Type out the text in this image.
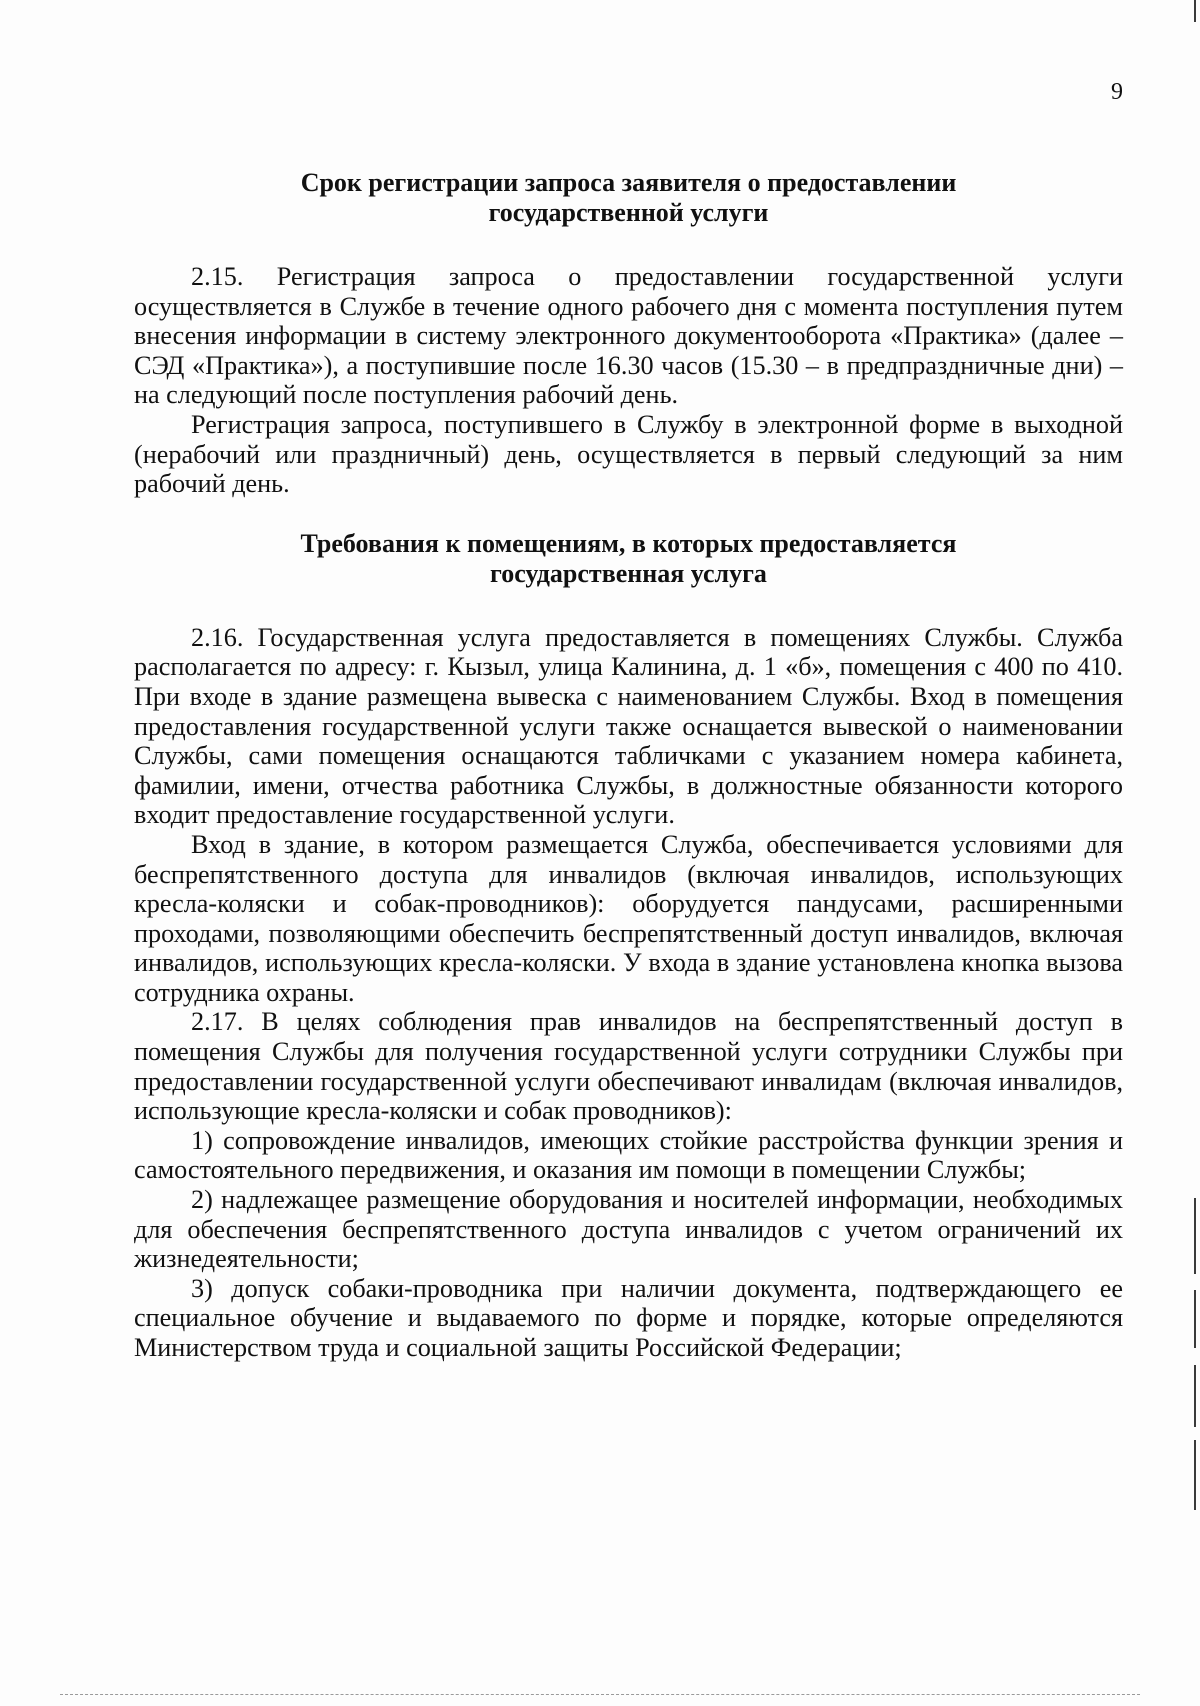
9
Срок регистрации запроса заявителя о предоставлении
государственной услуги

2.15. Регистрация запроса о предоставлении государственной услуги осуществляется в Службе в течение одного рабочего дня с момента поступления путем внесения информации в систему электронного документооборота «Практика» (далее – СЭД «Практика»), а поступившие после 16.30 часов (15.30 – в предпраздничные дни) – на следующий после поступления рабочий день.

Регистрация запроса, поступившего в Службу в электронной форме в выходной (нерабочий или праздничный) день, осуществляется в первый следующий за ним рабочий день.

Требования к помещениям, в которых предоставляется
государственная услуга

2.16. Государственная услуга предоставляется в помещениях Службы. Служба располагается по адресу: г. Кызыл, улица Калинина, д. 1 «б», помещения с 400 по 410. При входе в здание размещена вывеска с наименованием Службы. Вход в помещения предоставления государственной услуги также оснащается вывеской о наименовании Службы, сами помещения оснащаются табличками с указанием номера кабинета, фамилии, имени, отчества работника Службы, в должностные обязанности которого входит предоставление государственной услуги.

Вход в здание, в котором размещается Служба, обеспечивается условиями для беспрепятственного доступа для инвалидов (включая инвалидов, использующих кресла-коляски и собак-проводников): оборудуется пандусами, расширенными проходами, позволяющими обеспечить беспрепятственный доступ инвалидов, включая инвалидов, использующих кресла-коляски. У входа в здание установлена кнопка вызова сотрудника охраны.

2.17. В целях соблюдения прав инвалидов на беспрепятственный доступ в помещения Службы для получения государственной услуги сотрудники Службы при предоставлении государственной услуги обеспечивают инвалидам (включая инвалидов, использующие кресла-коляски и собак проводников):

1) сопровождение инвалидов, имеющих стойкие расстройства функции зрения и самостоятельного передвижения, и оказания им помощи в помещении Службы;

2) надлежащее размещение оборудования и носителей информации, необходимых для обеспечения беспрепятственного доступа инвалидов с учетом ограничений их жизнедеятельности;

3) допуск собаки-проводника при наличии документа, подтверждающего ее специальное обучение и выдаваемого по форме и порядке, которые определяются Министерством труда и социальной защиты Российской Федерации;
